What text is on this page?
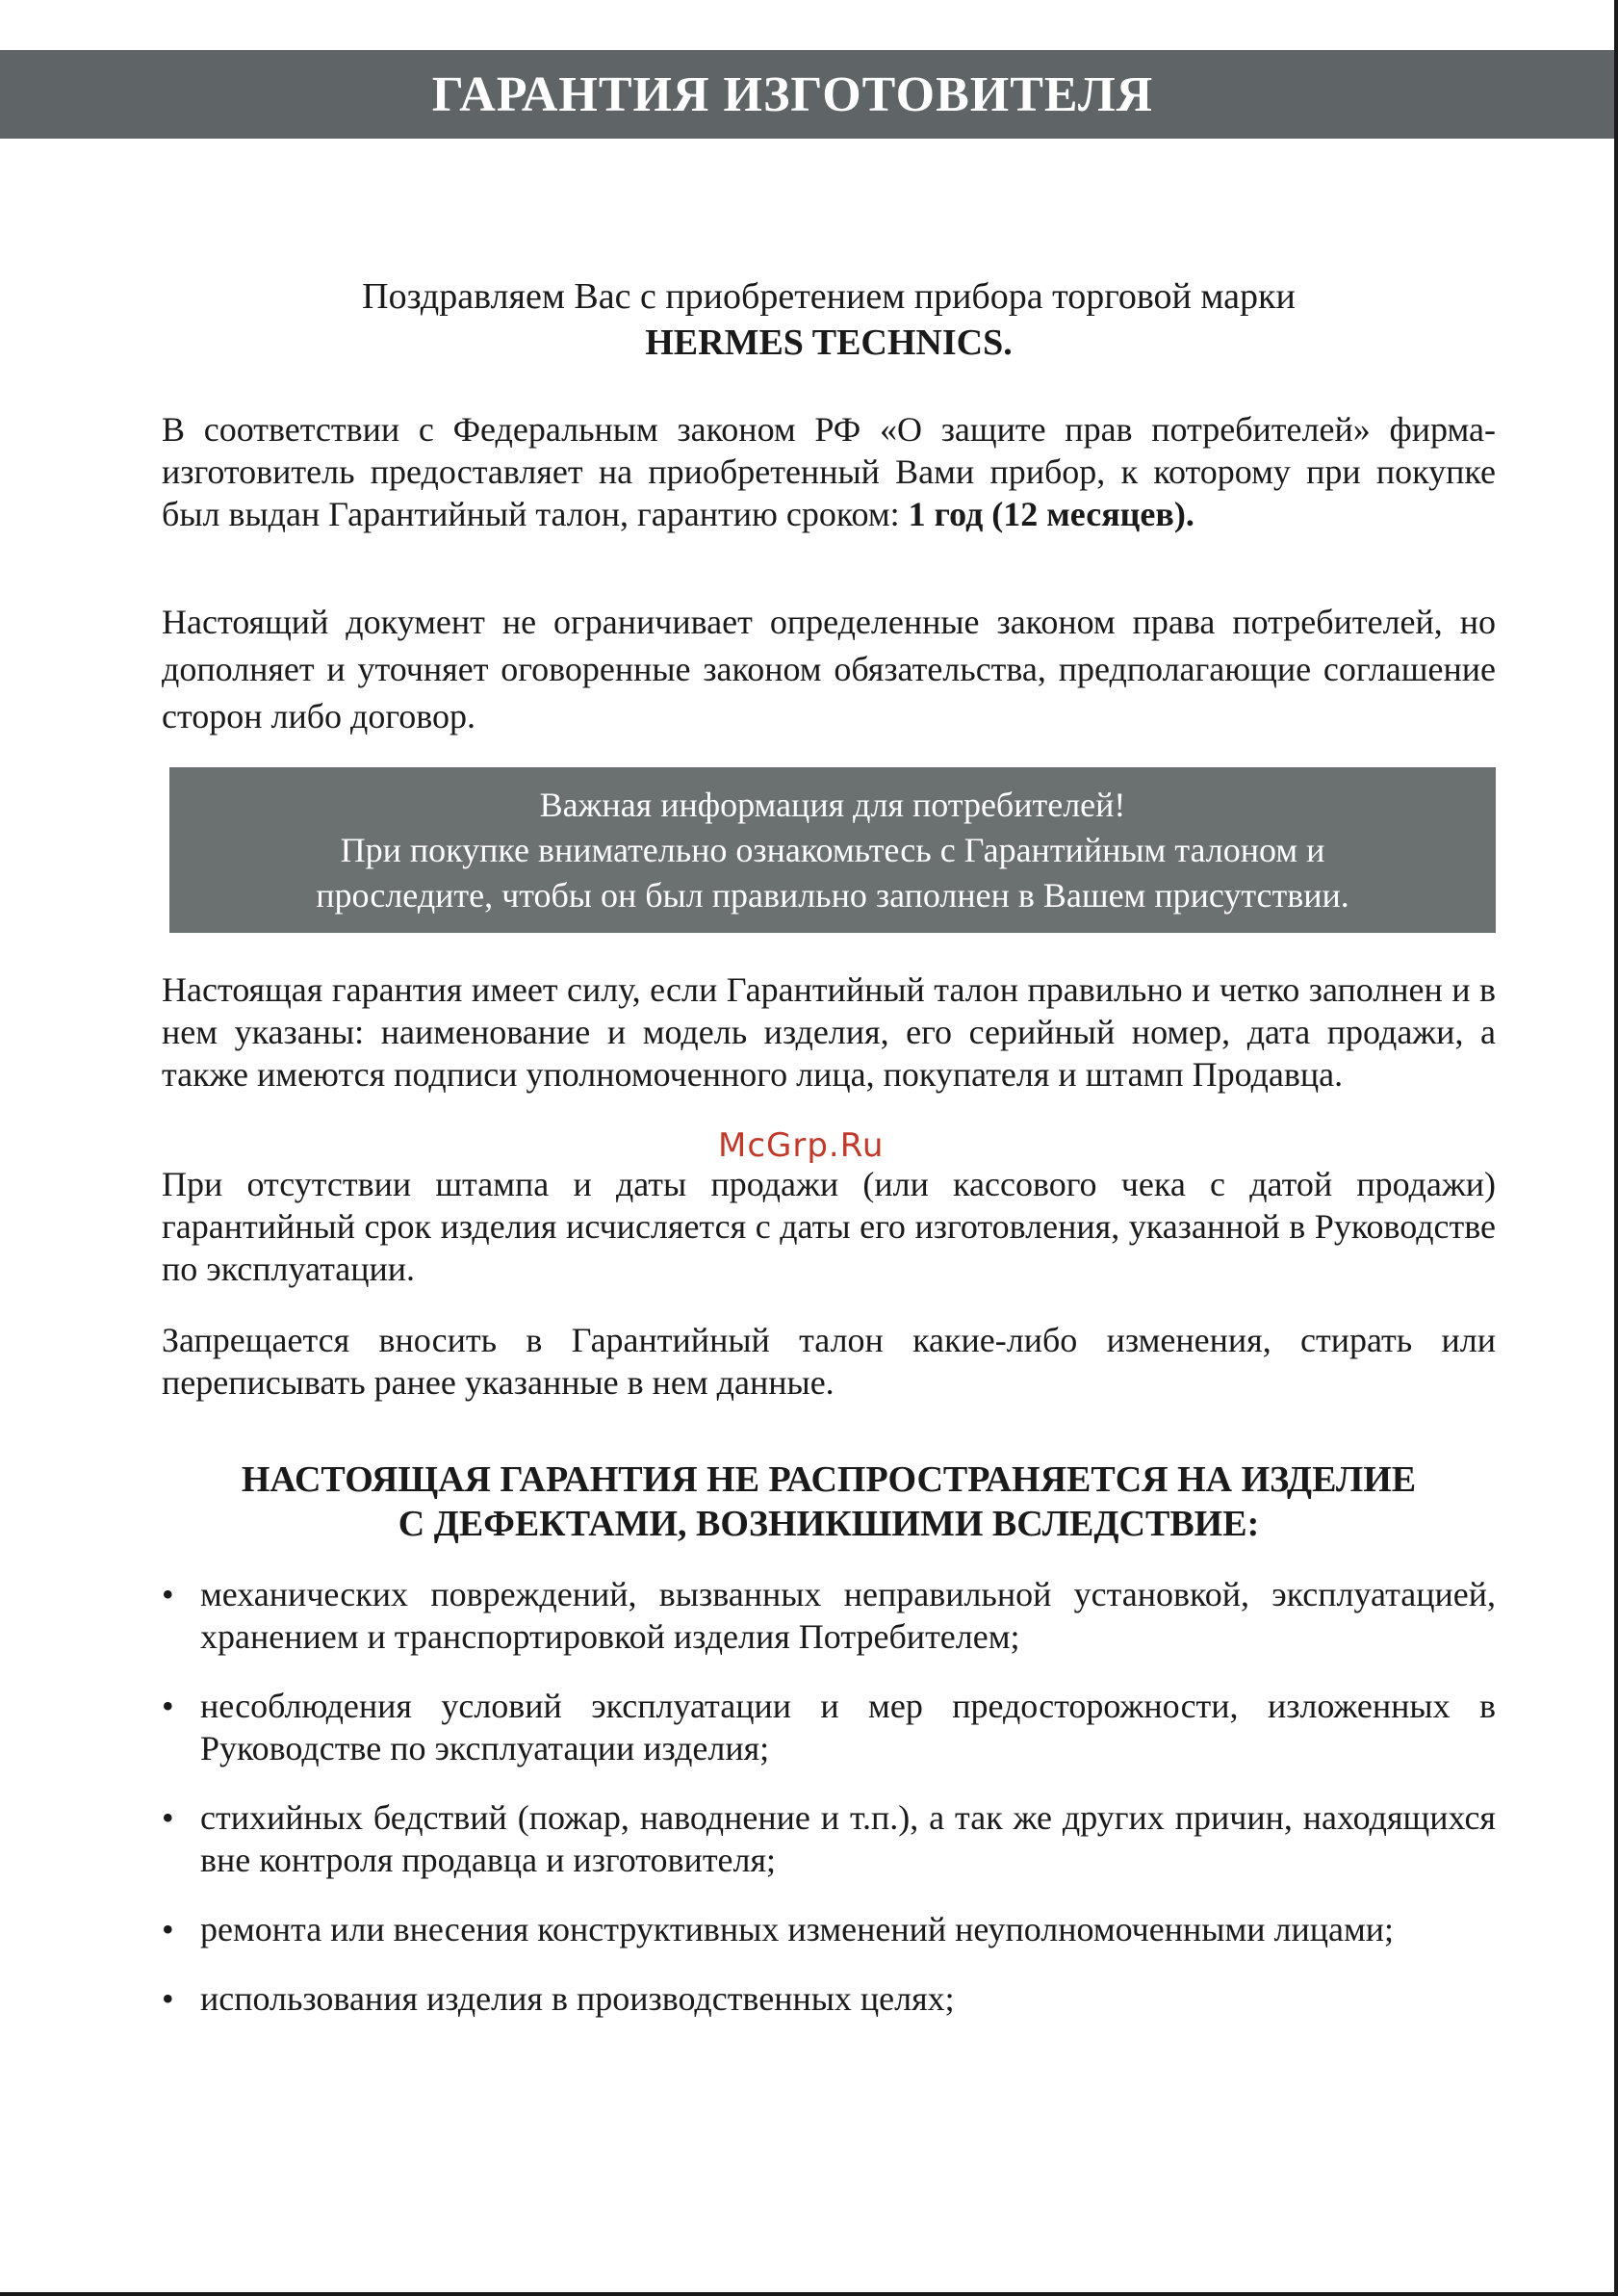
ГАРАНТИЯ ИЗГОТОВИТЕЛЯ
Поздравляем Вас с приобретением прибора торговой марки
HERMES TECHNICS.
В соответствии с Федеральным законом РФ «О защите прав потребителей» фирма-изготовитель предоставляет на приобретенный Вами прибор, к которому при покупке был выдан Гарантийный талон, гарантию сроком: 1 год (12 месяцев).
Настоящий документ не ограничивает определенные законом права потребителей, но дополняет и уточняет оговоренные законом обязательства, предполагающие соглашение сторон либо договор.
Важная информация для потребителей!
При покупке внимательно ознакомьтесь с Гарантийным талоном и
проследите, чтобы он был правильно заполнен в Вашем присутствии.
Настоящая гарантия имеет силу, если Гарантийный талон правильно и четко заполнен и в нем указаны: наименование и модель изделия, его серийный номер, дата продажи, а также имеются подписи уполномоченного лица, покупателя и штамп Продавца.
McGrp.Ru
При отсутствии штампа и даты продажи (или кассового чека с датой продажи) гарантийный срок изделия исчисляется с даты его изготовления, указанной в Руководстве по эксплуатации.
Запрещается вносить в Гарантийный талон какие-либо изменения, стирать или переписывать ранее указанные в нем данные.
НАСТОЯЩАЯ ГАРАНТИЯ НЕ РАСПРОСТРАНЯЕТСЯ НА ИЗДЕЛИЕ
С ДЕФЕКТАМИ, ВОЗНИКШИМИ ВСЛЕДСТВИЕ:
• механических повреждений, вызванных неправильной установкой, эксплуатацией, хранением и транспортировкой изделия Потребителем;
• несоблюдения условий эксплуатации и мер предосторожности, изложенных в Руководстве по эксплуатации изделия;
• стихийных бедствий (пожар, наводнение и т.п.), а так же других причин, находящихся вне контроля продавца и изготовителя;
• ремонта или внесения конструктивных изменений неуполномоченными лицами;
• использования изделия в производственных целях;
